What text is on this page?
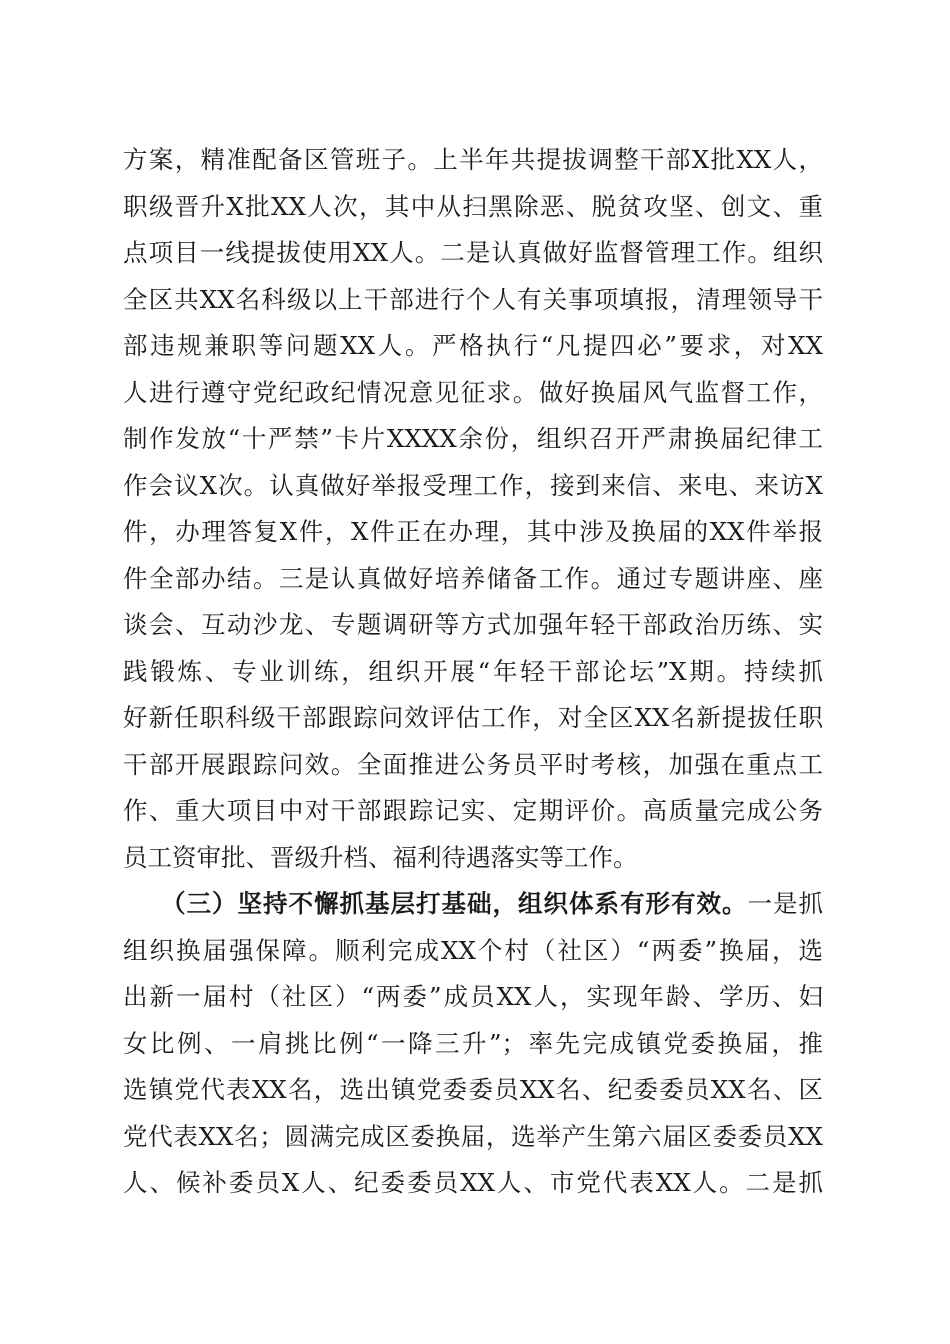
方案，精准配备区管班子。上半年共提拔调整干部X批XX人，
职级晋升X批XX人次，其中从扫黑除恶、脱贫攻坚、创文、重
点项目一线提拔使用XX人。二是认真做好监督管理工作。组织
全区共XX名科级以上干部进行个人有关事项填报，清理领导干
部违规兼职等问题XX人。严格执行“凡提四必”要求，对XX
人进行遵守党纪政纪情况意见征求。做好换届风气监督工作，
制作发放“十严禁”卡片XXXX余份，组织召开严肃换届纪律工
作会议X次。认真做好举报受理工作，接到来信、来电、来访X
件，办理答复X件，X件正在办理，其中涉及换届的XX件举报
件全部办结。三是认真做好培养储备工作。通过专题讲座、座
谈会、互动沙龙、专题调研等方式加强年轻干部政治历练、实
践锻炼、专业训练，组织开展“年轻干部论坛”X期。持续抓
好新任职科级干部跟踪问效评估工作，对全区XX名新提拔任职
干部开展跟踪问效。全面推进公务员平时考核，加强在重点工
作、重大项目中对干部跟踪记实、定期评价。高质量完成公务
员工资审批、晋级升档、福利待遇落实等工作。
（三）坚持不懈抓基层打基础，组织体系有形有效。一是抓
组织换届强保障。顺利完成XX个村（社区）“两委”换届，选
出新一届村（社区）“两委”成员XX人，实现年龄、学历、妇
女比例、一肩挑比例“一降三升”；率先完成镇党委换届，推
选镇党代表XX名，选出镇党委委员XX名、纪委委员XX名、区
党代表XX名；圆满完成区委换届，选举产生第六届区委委员XX
人、候补委员X人、纪委委员XX人、市党代表XX人。二是抓
